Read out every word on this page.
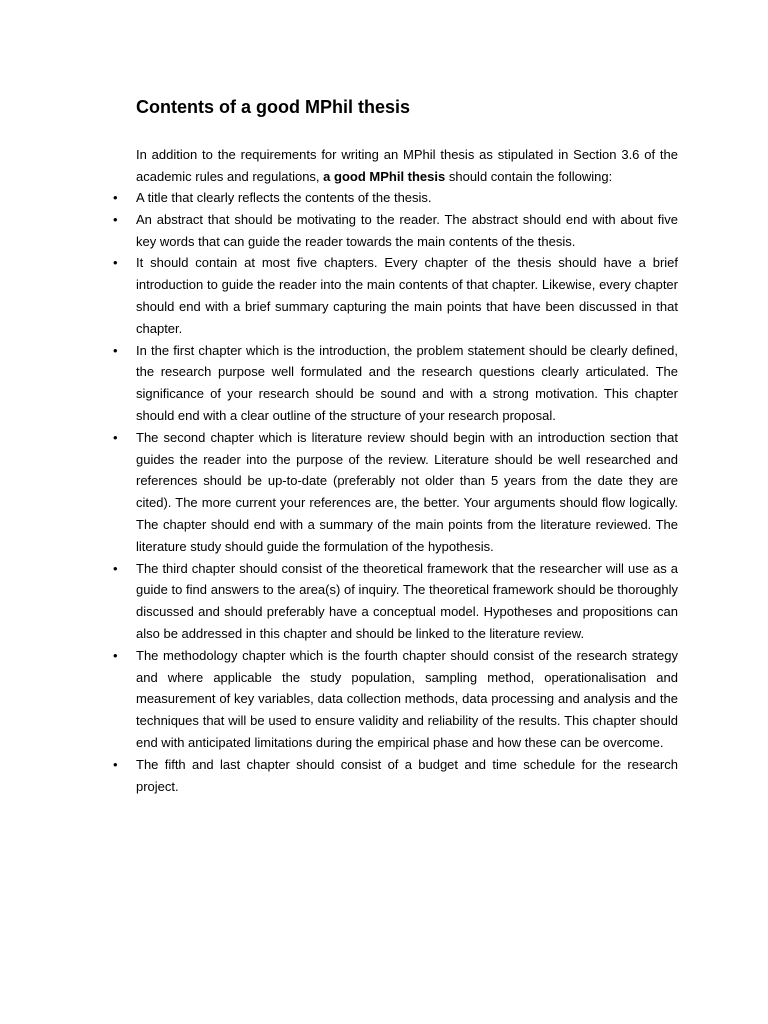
Contents of a good MPhil thesis

In addition to the requirements for writing an MPhil thesis as stipulated in Section 3.6 of the academic rules and regulations, a good MPhil thesis should contain the following:

• A title that clearly reflects the contents of the thesis.
• An abstract that should be motivating to the reader. The abstract should end with about five key words that can guide the reader towards the main contents of the thesis.
• It should contain at most five chapters. Every chapter of the thesis should have a brief introduction to guide the reader into the main contents of that chapter. Likewise, every chapter should end with a brief summary capturing the main points that have been discussed in that chapter.
• In the first chapter which is the introduction, the problem statement should be clearly defined, the research purpose well formulated and the research questions clearly articulated. The significance of your research should be sound and with a strong motivation. This chapter should end with a clear outline of the structure of your research proposal.
• The second chapter which is literature review should begin with an introduction section that guides the reader into the purpose of the review. Literature should be well researched and references should be up-to-date (preferably not older than 5 years from the date they are cited). The more current your references are, the better. Your arguments should flow logically. The chapter should end with a summary of the main points from the literature reviewed. The literature study should guide the formulation of the hypothesis.
• The third chapter should consist of the theoretical framework that the researcher will use as a guide to find answers to the area(s) of inquiry. The theoretical framework should be thoroughly discussed and should preferably have a conceptual model. Hypotheses and propositions can also be addressed in this chapter and should be linked to the literature review.
• The methodology chapter which is the fourth chapter should consist of the research strategy and where applicable the study population, sampling method, operationalisation and measurement of key variables, data collection methods, data processing and analysis and the techniques that will be used to ensure validity and reliability of the results. This chapter should end with anticipated limitations during the empirical phase and how these can be overcome.
• The fifth and last chapter should consist of a budget and time schedule for the research project.
